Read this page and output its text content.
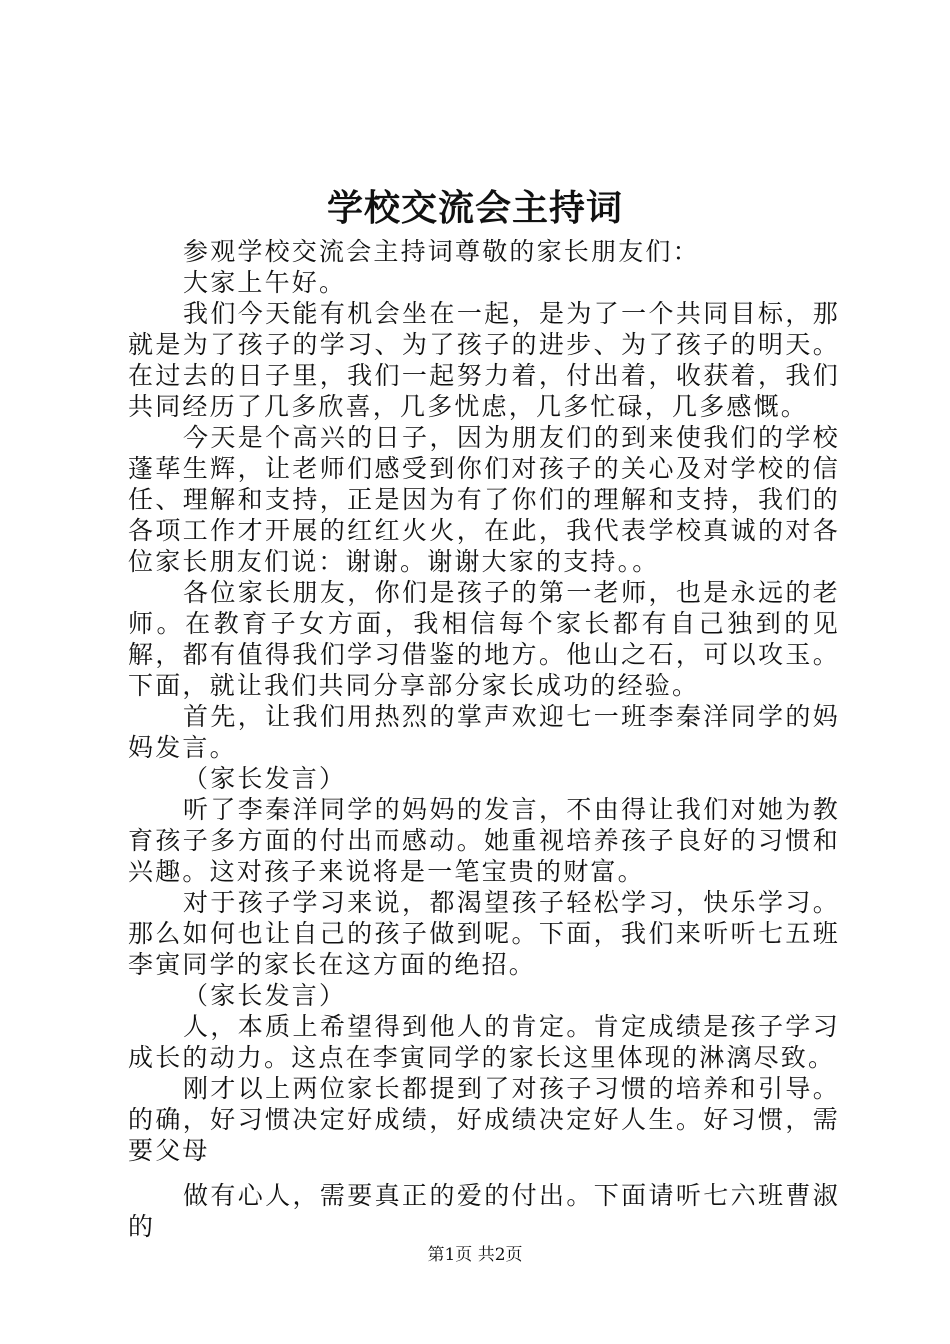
学校交流会主持词

参观学校交流会主持词尊敬的家长朋友们：

大家上午好。

我们今天能有机会坐在一起，是为了一个共同目标，那就是为了孩子的学习、为了孩子的进步、为了孩子的明天。在过去的日子里，我们一起努力着，付出着，收获着，我们共同经历了几多欣喜，几多忧虑，几多忙碌，几多感慨。

今天是个高兴的日子，因为朋友们的到来使我们的学校蓬荜生辉，让老师们感受到你们对孩子的关心及对学校的信任、理解和支持，正是因为有了你们的理解和支持，我们的各项工作才开展的红红火火，在此，我代表学校真诚的对各位家长朋友们说：谢谢。谢谢大家的支持。。

各位家长朋友，你们是孩子的第一老师，也是永远的老师。在教育子女方面，我相信每个家长都有自己独到的见解，都有值得我们学习借鉴的地方。他山之石，可以攻玉。下面，就让我们共同分享部分家长成功的经验。

首先，让我们用热烈的掌声欢迎七一班李秦洋同学的妈妈发言。

（家长发言）

听了李秦洋同学的妈妈的发言，不由得让我们对她为教育孩子多方面的付出而感动。她重视培养孩子良好的习惯和兴趣。这对孩子来说将是一笔宝贵的财富。

对于孩子学习来说，都渴望孩子轻松学习，快乐学习。那么如何也让自己的孩子做到呢。下面，我们来听听七五班李寅同学的家长在这方面的绝招。

（家长发言）

人，本质上希望得到他人的肯定。肯定成绩是孩子学习成长的动力。这点在李寅同学的家长这里体现的淋漓尽致。

刚才以上两位家长都提到了对孩子习惯的培养和引导。的确，好习惯决定好成绩，好成绩决定好人生。好习惯，需要父母

做有心人，需要真正的爱的付出。下面请听七六班曹淑的

第1页 共2页
